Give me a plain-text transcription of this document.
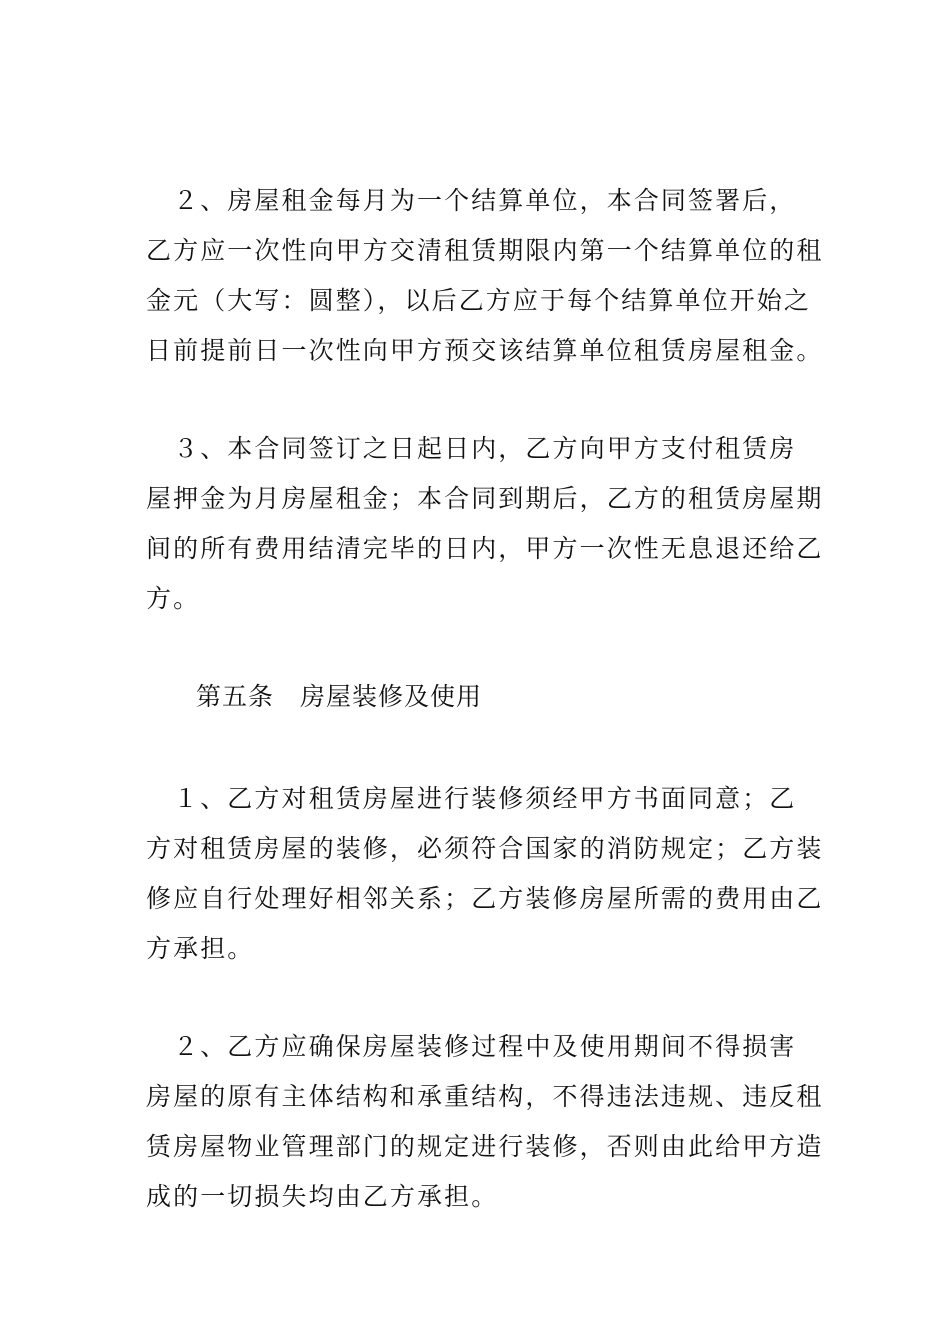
　２、房屋租金每月为一个结算单位，本合同签署后，
乙方应一次性向甲方交清租赁期限内第一个结算单位的租
金元（大写：圆整），以后乙方应于每个结算单位开始之
日前提前日一次性向甲方预交该结算单位租赁房屋租金。
　３、本合同签订之日起日内，乙方向甲方支付租赁房
屋押金为月房屋租金；本合同到期后，乙方的租赁房屋期
间的所有费用结清完毕的日内，甲方一次性无息退还给乙
方。
第五条　房屋装修及使用
　１、乙方对租赁房屋进行装修须经甲方书面同意；乙
方对租赁房屋的装修，必须符合国家的消防规定；乙方装
修应自行处理好相邻关系；乙方装修房屋所需的费用由乙
方承担。
　２、乙方应确保房屋装修过程中及使用期间不得损害
房屋的原有主体结构和承重结构，不得违法违规、违反租
赁房屋物业管理部门的规定进行装修，否则由此给甲方造
成的一切损失均由乙方承担。
